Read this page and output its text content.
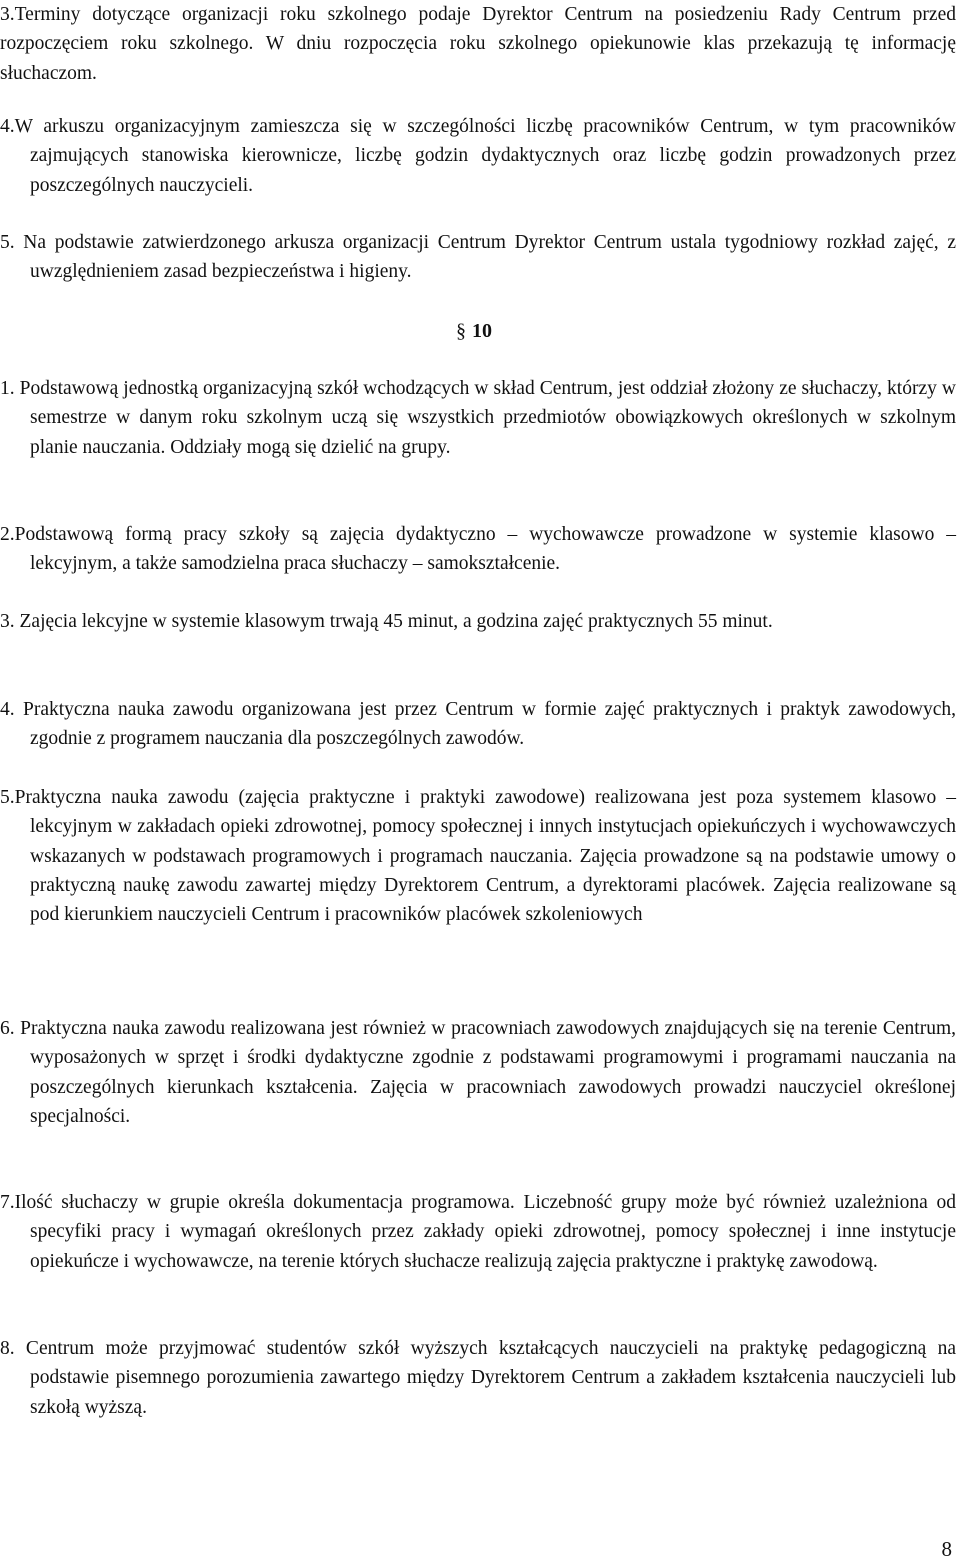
3.Terminy dotyczące organizacji roku szkolnego podaje Dyrektor Centrum na posiedzeniu Rady Centrum przed rozpoczęciem roku szkolnego. W dniu rozpoczęcia roku szkolnego opiekunowie klas przekazują tę informację słuchaczom.

4.W arkuszu organizacyjnym zamieszcza się w szczególności liczbę pracowników Centrum, w tym pracowników zajmujących stanowiska kierownicze, liczbę godzin dydaktycznych oraz liczbę godzin prowadzonych przez poszczególnych nauczycieli.

5. Na podstawie zatwierdzonego arkusza organizacji Centrum Dyrektor Centrum ustala tygodniowy rozkład zajęć, z uwzględnieniem zasad bezpieczeństwa i higieny.

§ 10

1. Podstawową jednostką organizacyjną szkół wchodzących w skład Centrum, jest oddział złożony ze słuchaczy, którzy w semestrze w danym roku szkolnym uczą się wszystkich przedmiotów obowiązkowych określonych w szkolnym planie nauczania. Oddziały mogą się dzielić na grupy.

2.Podstawową formą pracy szkoły są zajęcia dydaktyczno – wychowawcze prowadzone w systemie klasowo – lekcyjnym, a także samodzielna praca słuchaczy – samokształcenie.

3. Zajęcia lekcyjne w systemie klasowym trwają 45 minut, a godzina zajęć praktycznych 55 minut.

4. Praktyczna nauka zawodu organizowana jest przez Centrum w formie zajęć praktycznych i praktyk zawodowych, zgodnie z programem nauczania dla poszczególnych zawodów.

5.Praktyczna nauka zawodu (zajęcia praktyczne i praktyki zawodowe) realizowana jest poza systemem klasowo – lekcyjnym w zakładach opieki zdrowotnej, pomocy społecznej i innych instytucjach opiekuńczych i wychowawczych wskazanych w podstawach programowych i programach nauczania. Zajęcia prowadzone są na podstawie umowy o praktyczną naukę zawodu zawartej między Dyrektorem Centrum, a dyrektorami placówek. Zajęcia realizowane są pod kierunkiem nauczycieli Centrum i pracowników placówek szkoleniowych

6. Praktyczna nauka zawodu realizowana jest również w pracowniach zawodowych znajdujących się na terenie Centrum, wyposażonych w sprzęt i środki dydaktyczne zgodnie z podstawami programowymi i programami nauczania na poszczególnych kierunkach kształcenia. Zajęcia w pracowniach zawodowych prowadzi nauczyciel określonej specjalności.

7.Ilość słuchaczy w grupie określa dokumentacja programowa. Liczebność grupy może być również uzależniona od specyfiki pracy i wymagań określonych przez zakłady opieki zdrowotnej, pomocy społecznej i inne instytucje opiekuńcze i wychowawcze, na terenie których słuchacze realizują zajęcia praktyczne i praktykę zawodową.

8. Centrum może przyjmować studentów szkół wyższych kształcących nauczycieli na praktykę pedagogiczną na podstawie pisemnego porozumienia zawartego między Dyrektorem Centrum a zakładem kształcenia nauczycieli lub szkołą wyższą.

8
